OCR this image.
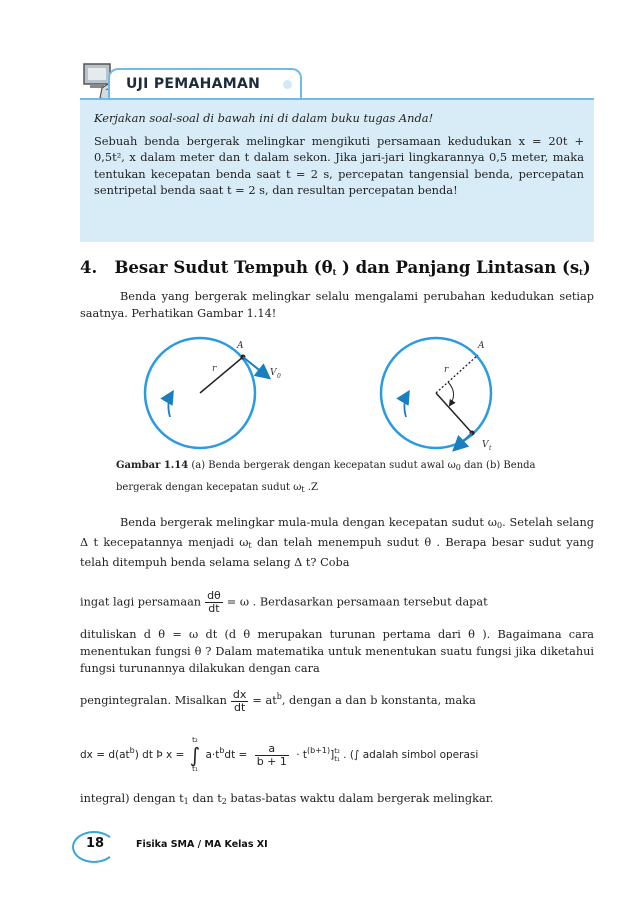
UJI PEMAHAMAN

Kerjakan soal-soal di bawah ini di dalam buku tugas Anda!

Sebuah benda bergerak melingkar mengikuti persamaan kedudukan x = 20t + 0,5t², x dalam meter dan t dalam sekon. Jika jari-jari lingkarannya 0,5 meter, maka tentukan kecepatan benda saat t = 2 s, percepatan tangensial benda, percepatan sentripetal benda saat t = 2 s, dan resultan percepatan benda!

4. Besar Sudut Tempuh ($\theta_t$ ) dan Panjang Lintasan $(s_t)$
Benda yang bergerak melingkar selalu mengalami perubahan kedudukan setiap saatnya. Perhatikan Gambar 1.14!
r
A
V 0
r
A
V t
Gambar 1.14 (a) Benda bergerak dengan kecepatan sudut awal $\omega_0$ dan (b) Benda bergerak dengan kecepatan sudut $\omega_t$ .Z
Benda bergerak melingkar mula-mula dengan kecepatan sudut $\omega_0$. Setelah selang Δ t kecepatannya menjadi $\omega_t$ dan telah menempuh sudut θ . Berapa besar sudut yang telah ditempuh benda selama selang Δ t? Coba
ingat lagi persamaan $\frac{d\theta}{dt} = \omega$ . Berdasarkan persamaan tersebut dapat
dituliskan d θ = ω dt (d θ merupakan turunan pertama dari θ ). Bagaimana cara menentukan fungsi θ ? Dalam matematika untuk menentukan suatu fungsi jika diketahui fungsi turunannya dilakukan dengan cara
pengintegralan. Misalkan $\frac{dx}{dt} = at^b$, dengan a dan b konstanta, maka
dx = $d(at^b)$ dt Þ x =
t₂
∫
t₁
$a\cdot t^bdt = \frac{a}{b + 1} \cdot t^{(b+1)}$] t₂
t₁ . (∫ adalah simbol operasi
integral) dengan $t_1$ dan $t_2$ batas-batas waktu dalam bergerak melingkar.
18	Fisika SMA / MA Kelas XI
